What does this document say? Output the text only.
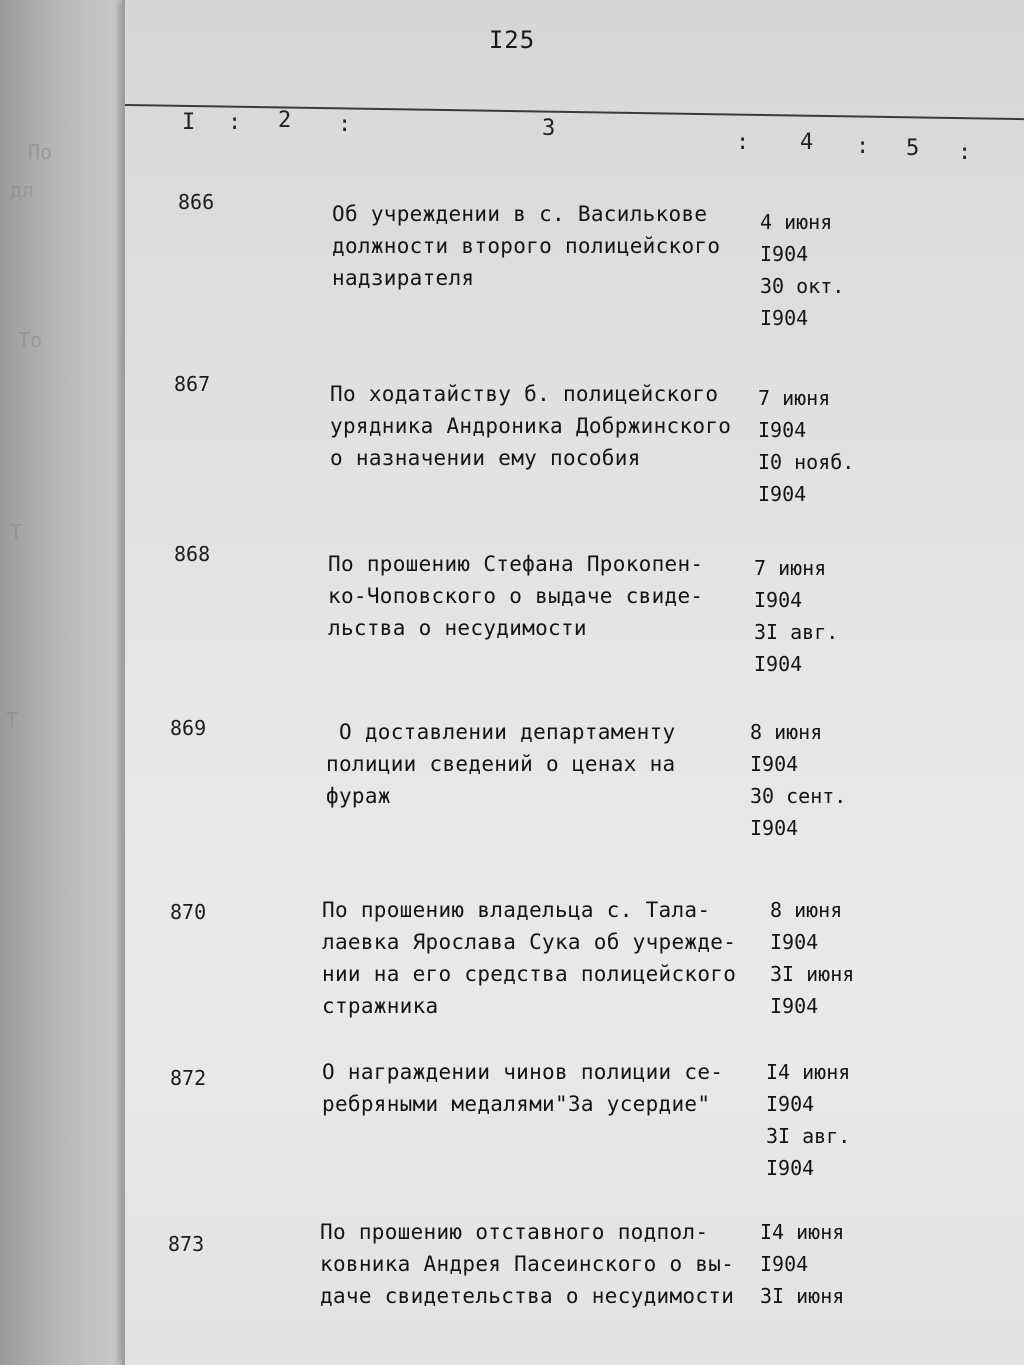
По
дл
То
Т
Т
I25
I : 2 :	3
: 4 : 5 :
866	Об учреждении в с. Василькове
должности второго полицейского
надзирателя
4 июня
I904
30 окт.
I904
867	По ходатайству б. полицейского
урядника Андроника Добржинского
о назначении ему пособия
7 июня
I904
I0 нояб.
I904
868	По прошению Стефана Прокопен-
ко-Чоповского о выдаче свиде-
льства о несудимости
7 июня
I904
3I авг.
I904
869	О доставлении департаменту
полиции сведений о ценах на
фураж
8 июня
I904
30 сент.
I904
870	По прошению владельца с. Тала-
лаевка Ярослава Сука об учрежде-
нии на его средства полицейского
стражника
8 июня
I904
3I июня
I904
872	О награждении чинов полиции се-
ребряными медалями"За усердие"
I4 июня
I904
3I авг.
I904
873	По прошению отставного подпол-
ковника Андрея Пасеинского о вы-
даче свидетельства о несудимости
I4 июня
I904
3I июня
